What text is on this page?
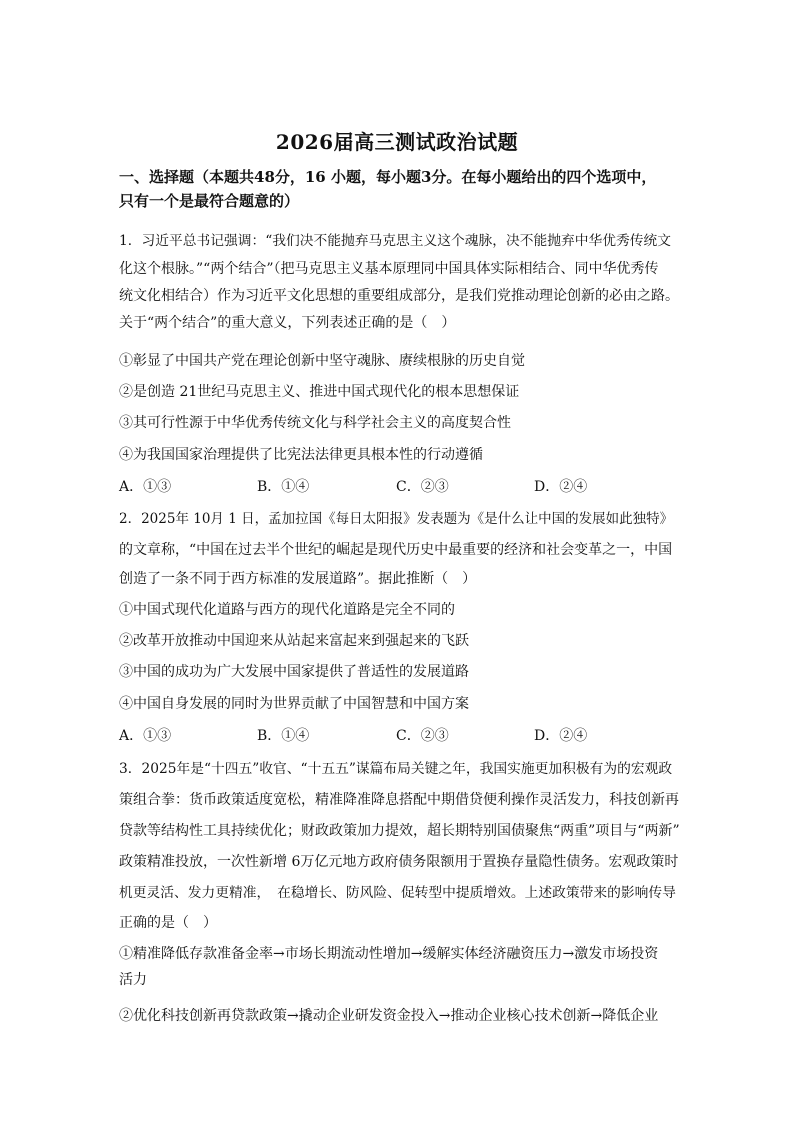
2026届高三测试政治试题
一、选择题（本题共48分，16 小题，每小题3分。在每小题给出的四个选项中，
只有一个是最符合题意的）
1．习近平总书记强调：“我们决不能抛弃马克思主义这个魂脉，决不能抛弃中华优秀传统文
化这个根脉。”“两个结合”（把马克思主义基本原理同中国具体实际相结合、同中华优秀传
统文化相结合）作为习近平文化思想的重要组成部分，是我们党推动理论创新的必由之路。
关于“两个结合”的重大意义，下列表述正确的是（　）
①彰显了中国共产党在理论创新中坚守魂脉、赓续根脉的历史自觉
②是创造 21世纪马克思主义、推进中国式现代化的根本思想保证
③其可行性源于中华优秀传统文化与科学社会主义的高度契合性
④为我国国家治理提供了比宪法法律更具根本性的行动遵循
A．①③	B．①④	C．②③	D．②④
2．2025年 10月 1 日，孟加拉国《每日太阳报》发表题为《是什么让中国的发展如此独特》
的文章称，“中国在过去半个世纪的崛起是现代历史中最重要的经济和社会变革之一，中国
创造了一条不同于西方标准的发展道路”。据此推断（　）
①中国式现代化道路与西方的现代化道路是完全不同的
②改革开放推动中国迎来从站起来富起来到强起来的飞跃
③中国的成功为广大发展中国家提供了普适性的发展道路
④中国自身发展的同时为世界贡献了中国智慧和中国方案
A．①③	B．①④	C．②③	D．②④
3．2025年是“十四五”收官、“十五五”谋篇布局关键之年，我国实施更加积极有为的宏观政
策组合拳：货币政策适度宽松，精准降准降息搭配中期借贷便利操作灵活发力，科技创新再
贷款等结构性工具持续优化；财政政策加力提效，超长期特别国债聚焦“两重”项目与“两新”
政策精准投放，一次性新增 6万亿元地方政府债务限额用于置换存量隐性债务。宏观政策时
机更灵活、发力更精准，　在稳增长、防风险、促转型中提质增效。上述政策带来的影响传导
正确的是（　）
①精准降低存款准备金率→市场长期流动性增加→缓解实体经济融资压力→激发市场投资
活力
②优化科技创新再贷款政策→撬动企业研发资金投入→推动企业核心技术创新→降低企业
